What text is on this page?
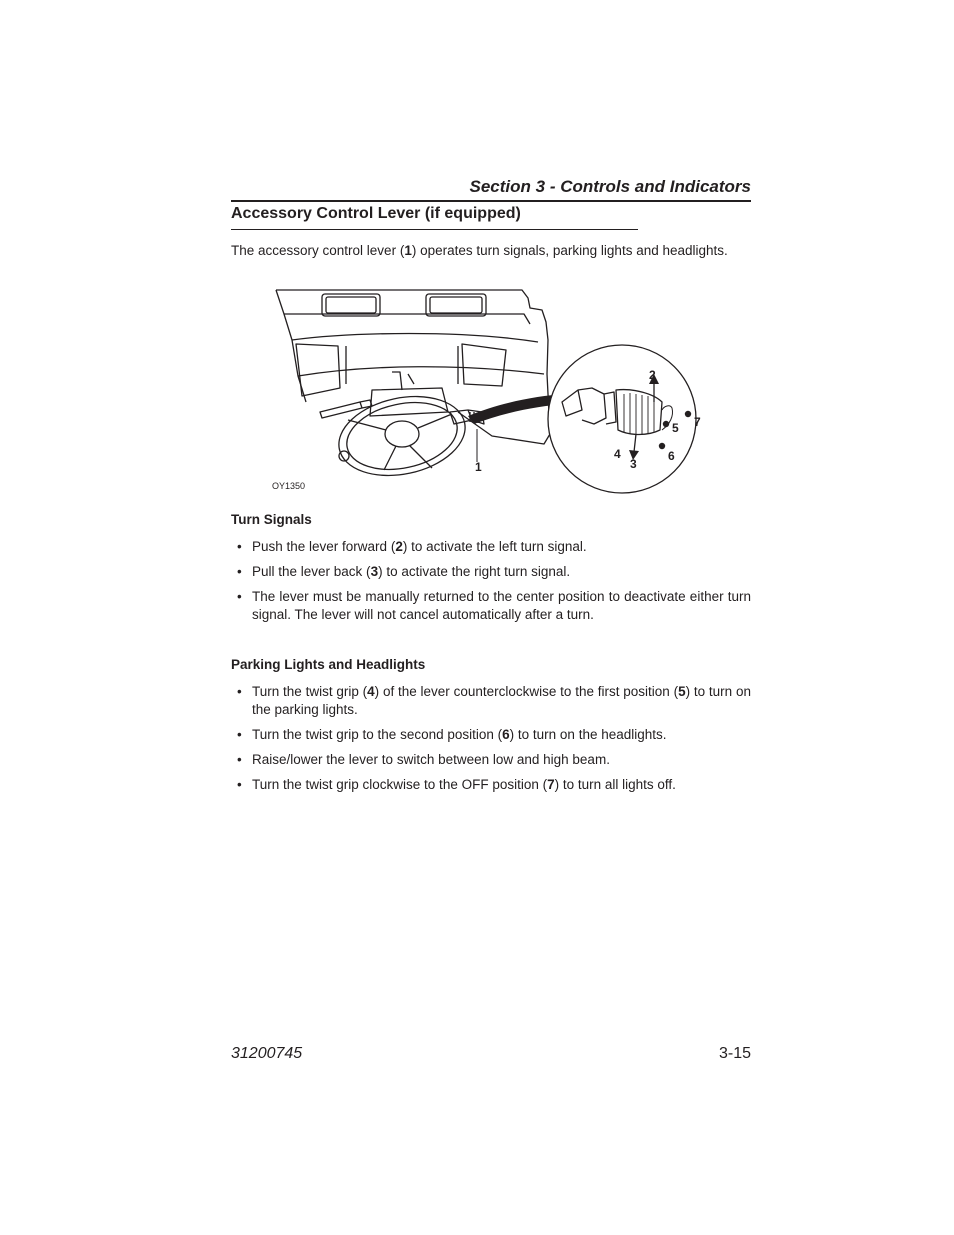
Section 3 - Controls and Indicators
Accessory Control Lever (if equipped)
The accessory control lever (1) operates turn signals, parking lights and headlights.
1
2
3
4
5
6
7
OY1350
Turn Signals
• Push the lever forward (2) to activate the left turn signal.
• Pull the lever back (3) to activate the right turn signal.
• The lever must be manually returned to the center position to deactivate either turn signal. The lever will not cancel automatically after a turn.
Parking Lights and Headlights
• Turn the twist grip (4) of the lever counterclockwise to the first position (5) to turn on the parking lights.
• Turn the twist grip to the second position (6) to turn on the headlights.
• Raise/lower the lever to switch between low and high beam.
• Turn the twist grip clockwise to the OFF position (7) to turn all lights off.
31200745	3-15
